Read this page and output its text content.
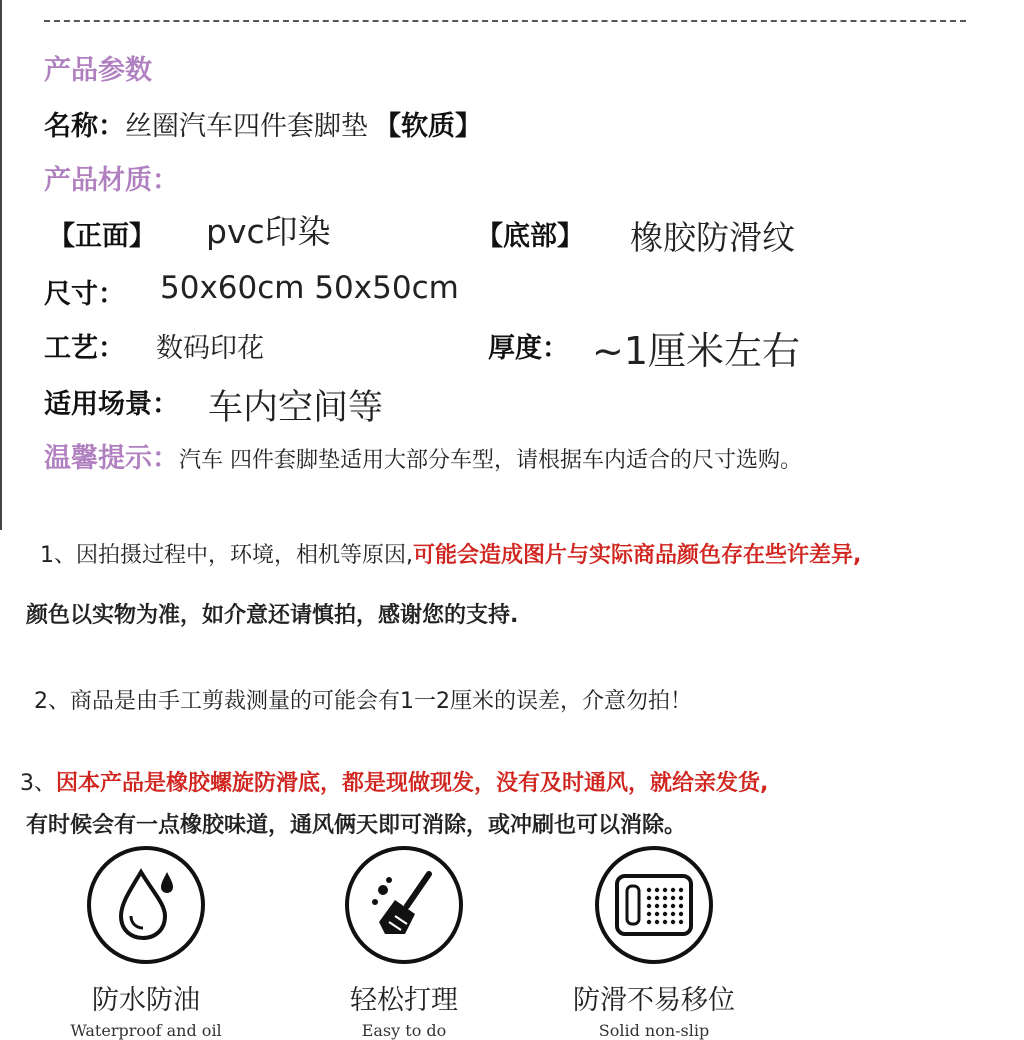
产品参数
名称：丝圈汽车四件套脚垫 【软质】
产品材质：
【正面】 pvc印染	【底部】 橡胶防滑纹
尺寸： 50x60cm 50x50cm
工艺： 数码印花	厚度： ~1厘米左右
适用场景： 车内空间等
温馨提示：汽车 四件套脚垫适用大部分车型，请根据车内适合的尺寸选购。
1、因拍摄过程中，环境，相机等原因,可能会造成图片与实际商品颜色存在些许差异,
颜色以实物为准，如介意还请慎拍，感谢您的支持.
2、商品是由手工剪裁测量的可能会有1一2厘米的误差，介意勿拍！
3、因本产品是橡胶螺旋防滑底，都是现做现发，没有及时通风，就给亲发货,
有时候会有一点橡胶味道，通风俩天即可消除，或冲刷也可以消除。
防水防油
Waterproof and oil
轻松打理
Easy to do
防滑不易移位
Solid non-slip
